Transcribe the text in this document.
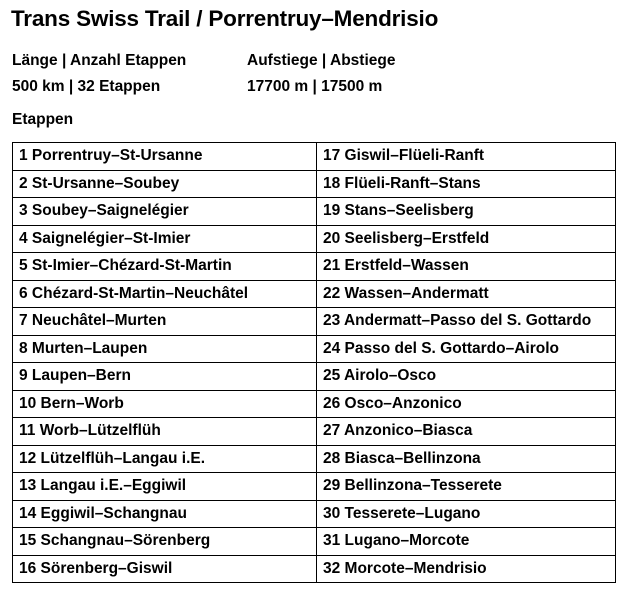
Trans Swiss Trail / Porrentruy–Mendrisio
Länge | Anzahl Etappen
500 km | 32 Etappen
Aufstiege | Abstiege
17700 m | 17500 m
Etappen
1 Porrentruy–St-Ursanne	17 Giswil–Flüeli-Ranft
2 St-Ursanne–Soubey	18 Flüeli-Ranft–Stans
3 Soubey–Saignelégier	19 Stans–Seelisberg
4 Saignelégier–St-Imier	20 Seelisberg–Erstfeld
5 St-Imier–Chézard-St-Martin	21 Erstfeld–Wassen
6 Chézard-St-Martin–Neuchâtel	22 Wassen–Andermatt
7 Neuchâtel–Murten	23 Andermatt–Passo del S. Gottardo
8 Murten–Laupen	24 Passo del S. Gottardo–Airolo
9 Laupen–Bern	25 Airolo–Osco
10 Bern–Worb	26 Osco–Anzonico
11 Worb–Lützelflüh	27 Anzonico–Biasca
12 Lützelflüh–Langau i.E.	28 Biasca–Bellinzona
13 Langau i.E.–Eggiwil	29 Bellinzona–Tesserete
14 Eggiwil–Schangnau	30 Tesserete–Lugano
15 Schangnau–Sörenberg	31 Lugano–Morcote
16 Sörenberg–Giswil	32 Morcote–Mendrisio
